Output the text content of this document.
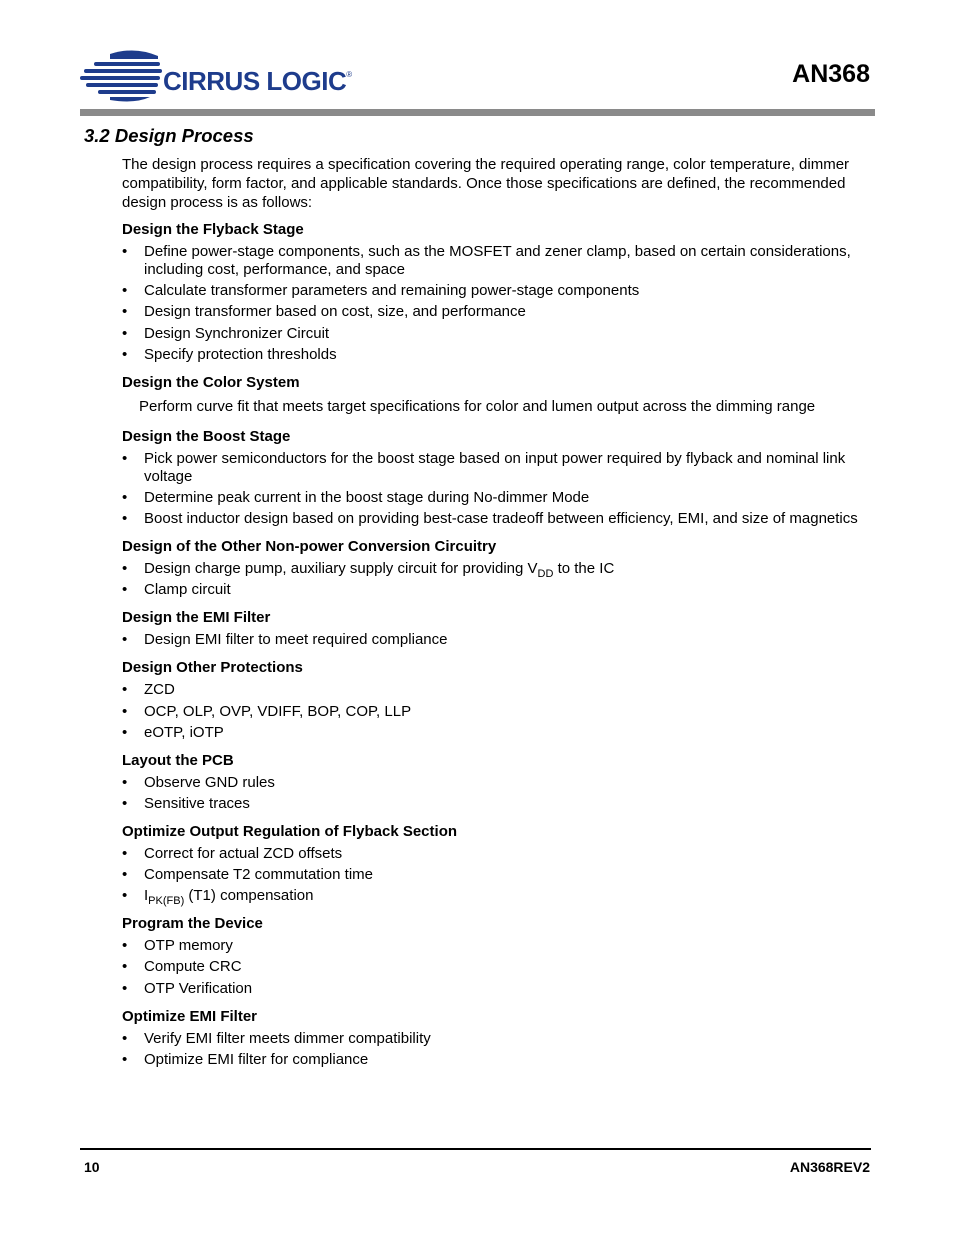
CIRRUS LOGIC®	AN368
3.2 Design Process

The design process requires a specification covering the required operating range, color temperature, dimmer compatibility, form factor, and applicable standards. Once those specifications are defined, the recommended design process is as follows:

Design the Flyback Stage
• Define power-stage components, such as the MOSFET and zener clamp, based on certain considerations, including cost, performance, and space
• Calculate transformer parameters and remaining power-stage components
• Design transformer based on cost, size, and performance
• Design Synchronizer Circuit
• Specify protection thresholds
Design the Color System

Perform curve fit that meets target specifications for color and lumen output across the dimming range

Design the Boost Stage
• Pick power semiconductors for the boost stage based on input power required by flyback and nominal link voltage
• Determine peak current in the boost stage during No-dimmer Mode
• Boost inductor design based on providing best-case tradeoff between efficiency, EMI, and size of magnetics
Design of the Other Non-power Conversion Circuitry
• Design charge pump, auxiliary supply circuit for providing $V_{DD}$ to the IC
• Clamp circuit
Design the EMI Filter
• Design EMI filter to meet required compliance
Design Other Protections
• ZCD
• OCP, OLP, OVP, VDIFF, BOP, COP, LLP
• eOTP, iOTP
Layout the PCB
• Observe GND rules
• Sensitive traces
Optimize Output Regulation of Flyback Section
• Correct for actual ZCD offsets
• Compensate T2 commutation time
• $I_{PK(FB)}$ (T1) compensation
Program the Device
• OTP memory
• Compute CRC
• OTP Verification
Optimize EMI Filter
• Verify EMI filter meets dimmer compatibility
• Optimize EMI filter for compliance
10	AN368REV2
